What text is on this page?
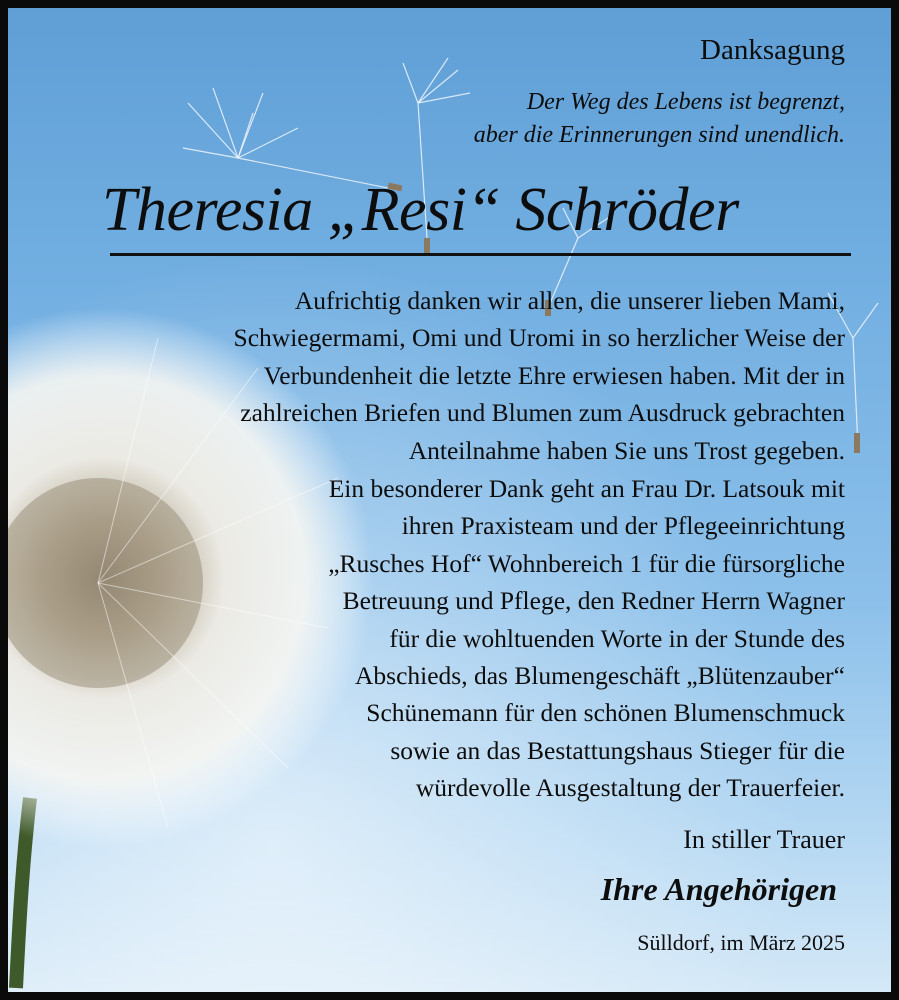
Danksagung
Der Weg des Lebens ist begrenzt,
aber die Erinnerungen sind unendlich.
Theresia „Resi“ Schröder
Aufrichtig danken wir allen, die unserer lieben Mami,
Schwiegermami, Omi und Uromi in so herzlicher Weise der
Verbundenheit die letzte Ehre erwiesen haben. Mit der in
zahlreichen Briefen und Blumen zum Ausdruck gebrachten
Anteilnahme haben Sie uns Trost gegeben.
Ein besonderer Dank geht an Frau Dr. Latsouk mit
ihren Praxisteam und der Pflegeeinrichtung
„Rusches Hof“ Wohnbereich 1 für die fürsorgliche
Betreuung und Pflege, den Redner Herrn Wagner
für die wohltuenden Worte in der Stunde des
Abschieds, das Blumengeschäft „Blütenzauber“
Schünemann für den schönen Blumenschmuck
sowie an das Bestattungshaus Stieger für die
würdevolle Ausgestaltung der Trauerfeier.
In stiller Trauer
Ihre Angehörigen
Sülldorf, im März 2025
